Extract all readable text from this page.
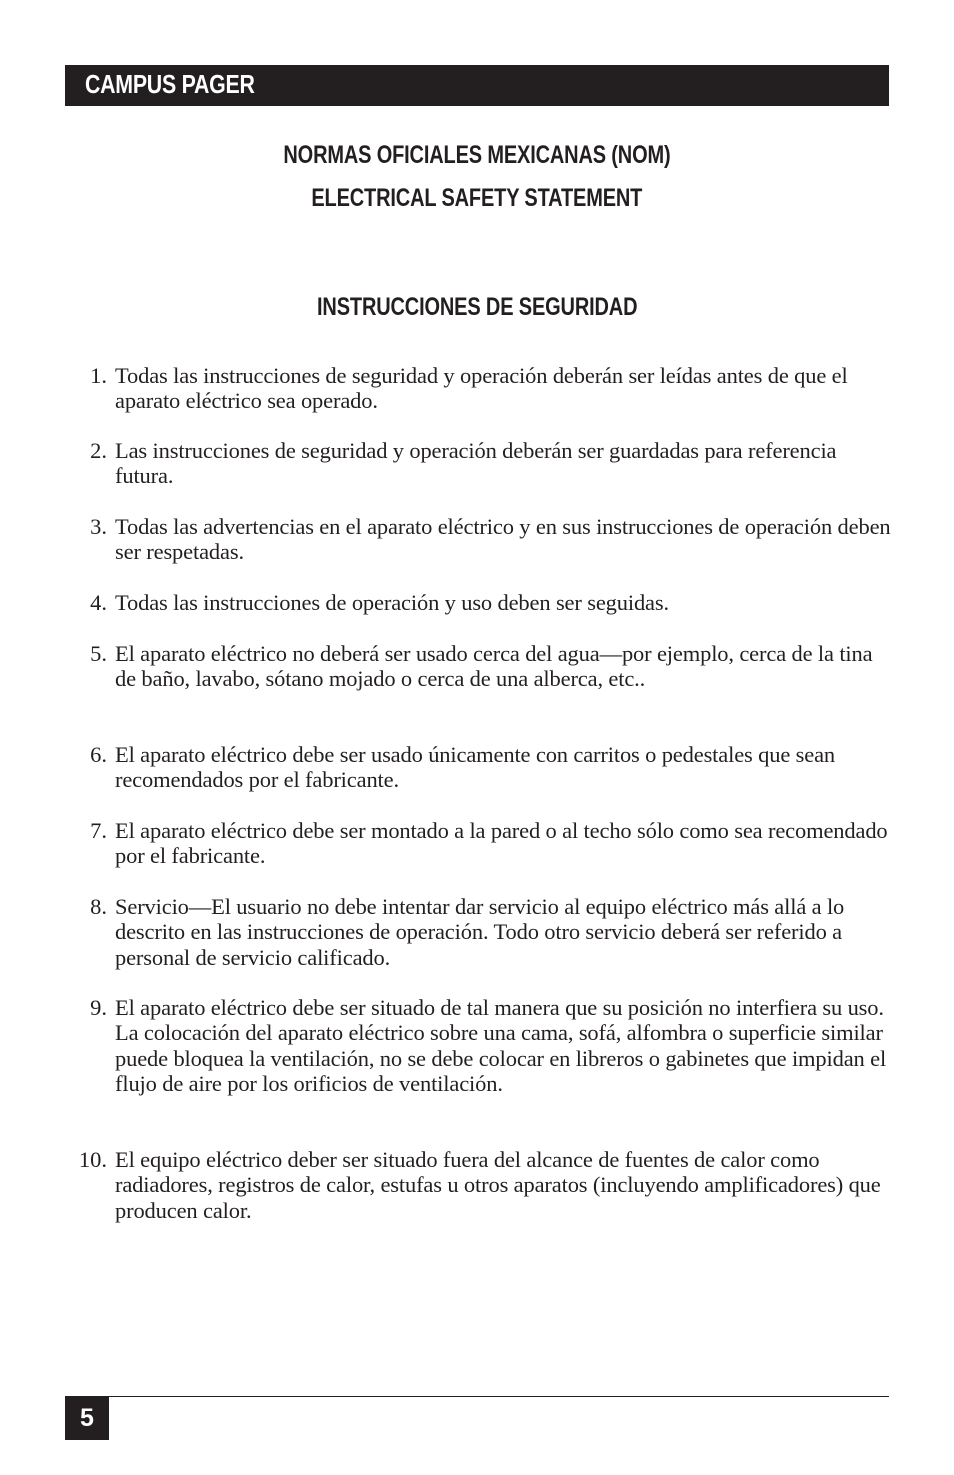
CAMPUS PAGER
NORMAS OFICIALES MEXICANAS (NOM)
ELECTRICAL SAFETY STATEMENT
INSTRUCCIONES DE SEGURIDAD
1. Todas las instrucciones de seguridad y operación deberán ser leídas antes de que el aparato eléctrico sea operado.
2. Las instrucciones de seguridad y operación deberán ser guardadas para referencia futura.
3. Todas las advertencias en el aparato eléctrico y en sus instrucciones de operación deben ser respetadas.
4. Todas las instrucciones de operación y uso deben ser seguidas.
5. El aparato eléctrico no deberá ser usado cerca del agua—por ejemplo, cerca de la tina de baño, lavabo, sótano mojado o cerca de una alberca, etc..
6. El aparato eléctrico debe ser usado únicamente con carritos o pedestales que sean recomendados por el fabricante.
7. El aparato eléctrico debe ser montado a la pared o al techo sólo como sea recomendado por el fabricante.
8. Servicio—El usuario no debe intentar dar servicio al equipo eléctrico más allá a lo descrito en las instrucciones de operación. Todo otro servicio deberá ser referido a personal de servicio calificado.
9. El aparato eléctrico debe ser situado de tal manera que su posición no interfiera su uso. La colocación del aparato eléctrico sobre una cama, sofá, alfombra o superficie similar puede bloquea la ventilación, no se debe colocar en libreros o gabinetes que impidan el flujo de aire por los orificios de ventilación.
10. El equipo eléctrico deber ser situado fuera del alcance de fuentes de calor como radiadores, registros de calor, estufas u otros aparatos (incluyendo amplificadores) que producen calor.
5
